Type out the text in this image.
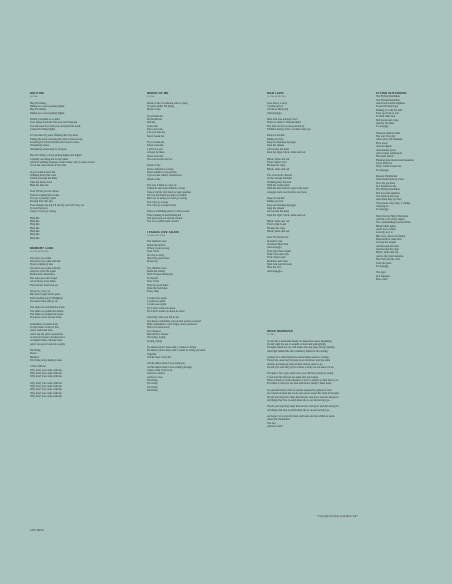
HELP ME
B. Gibb
Hey I'm riding,
Riding on a wave getting higher
Hey I'm riding,
Riding on a wave getting higher
Would you mind so so kind
Now please from the first you can't help me
I've tried and I've tried you can't push me aside
Cause I'm riding higher
Let me take my years flashing thro' my head
Taking me back, showing me what I done wrong
Learning for all the friends that I used to have
Wondering where
Wondering where they've all gone
Hey I'm riding a wave getting higher and higher
I quickly see thing fell on my mind
And I'm wishing someone would rather call or come on thro'
To let me clean inside all the time
If you could protect me
Walking down that road
Would you help me Baby
Take my heavy load
Help me help me
Now I'll tell you all I know
There's nothing left to hide
I've got a passing 5 girls
Passing thro' this sky
Even though one day I'll die my soul will carry on
To need her now
I hope I won't go wrong
Help Me
Help Me
Help Me
Help Me
Help Me
Help Me
Help Me
MEMORY LANE
R. Gibb & M. Gibb
Oh won't you come
Oh won't you come with me
Down a memory lane
Oh won't you come with me
And live your life again
Relive those memories
The ones you can't forget
All of those crazy times
That haven't been beat yet
We got to carry on
But don't forget what's gone
Kerb reading days in Brighton
You know they still go on
The times we watched the trains
The times we pulled the chains
The times we walked the street
You know we're all one brain
Sometimes I wander back
To the streets I used to live
And I stand and look
And I see my place around me
A what-for house a broken place
A broken home a bloody tears
And I can put it back into reality
I'm living
Down
Memory
I'm living down memory lane
Come with me
Why don't you come with me
Why don't you come with me
Why don't you come with me
Why don't you come with me
Why don't you come with me
Why don't you come with me
Why don't you come with me
Why don't you come with me
INSIDE OF ME
R. Gibb
Inside of me is someone who's crying
To learn whilst I'm dying
Inside of me
Tree inside me
Dil beside me
Pull me
Leave me
Oh so love me
Can you take me
Never break me
Try to come me
Never want me
I will love you
Always be there
Never need me
You can see me always
Inside of me
Don't conform to society
Don't submit to our poverty
I get so blue when I opened now
Inside of me
The way I think to carry on
I think its real don't think its wrong
I know its life, life lived so long together
I'll love for health not gain of wealth
But love of using you can't go wrong
You can't go wrong
You can't go wrong forever
There's something more to what we see
Than looking in and finding me
Our eyes look out and all around
Not to be selfish gain I found
I FAGNA LIVE AGAIN
R. Gibb & B. Gibb
The children' eyes
Inside the hollow
Where I went wrong
Now I find
So long so long
Since the good times
Passed by
The children cries
Made me realize
That I'd been telling lies
To myself
Now I find
That the good times
Were the bad times
Every time
I wanna live again
I wanna be again
I wanna see again
No I don't wanna be alone
No I don't wanna be alone no more
Ooh baby what you did to me
You know sometimes we touched ecstasy ecstasy?
Baby sometimes I can't forget, don't you know
Since I've been away
I've changed
But Oh how I know
I'm trying, trying
Trying, trying
No matter what I been said, I wanna be living
No matter what's been said I wanna be living out dead
Together
All the days of my life
All the times when I was using you
All the times when I was coming through
I knew what I had to do
And now I know
And now I see
I'm living
I'm living
I'm living
I'm living
MAD LADS
R. Gibb & M. Gibb
Now this is a story
I wanna tell ya
All about Mad Jack
And Arpeggo
Mad Jack was nobody's fool
Drove to bank 'n' Smooth mind
The lady but not so bad, partied by
Thinkin' money with a swollen wide-eye
Keep on truckin'
Riding on river
Keep on bleeding Arpeggo
Kept his wheels
An' he kept his head
Kept his cigar, black, white and red.
Black, white and red
There when I said
He kept his cigar
Black, white and red
The crowds all cheered
At the vintage machine
Thinking they the best
With his racing team
With his map and his cigar in his hand
Arpeggo back was the first one back.
Keep on truckin'
Riding on river
Keep on bleeding Arpeggo
Kept his wheels
An' he kept his head
Kept his cigar, black, white and red.
Black, white and red
That's what I said
He kept his cigar
Black, white and red
Now I'll tell the tale
In truth is true
All about Mad Jack
And Arpeggo
Four days three nights
Thru' back and taxis
Thru' desert sand
Boulders and rocks
Mad Jack and his team
Here the race
And Arpeggo...
FLYING DUTCHMAN
The Flying Dutchman
The Flying Dutchman
And Good Goblin sightless
Tossed all they'd got
Making it to the far side
They got back to win
To their final lack
Did breath and cargo
And for the final
To Arpeggo
Thirteen vehicles died
The very first day
And a poor old Drunken
Flew away
And an engine
And another good
And various quadrapods
Had their match
Blasting man-made metal monsters
It just didn't do
They couldn't learn last
To Arpeggo
Rosetta: Bombadier
Went backwards up a tree
Now his got there
In a moment to me
The Flying Dutchman
The boat and eightrest
Got stuck in the sand
And when they got free
"Pass those ways they' a village
Chaying on
To Arpeggo
Then' the bat Harry Hartsman
And the cold windy nights
The commanding iron machines
Blazed their lights
And I lost a wheel
Lost my way to
But every others had failed
Head And he came thru'
So kept his wheels
And he kept his head
And he kept his cigar
Black, white and red
And to my grand surprise
Had Jack and his crew
Took the prize
To Arpeggo
The tiger
In it happens
Plus a lion
ONCE REMOVED
R. Gibb
So my left a mountain stands, its been there since beginning
On my right the sea, it sounds so hard and unforgiving
Thought ahead for one will daunt, the one sings always getting
And right behind me lies a memory death for the oblong.
Journey in a still living here and nothing seems to change
Except the ones they're taken over and never stay the same
Always growing up and yet they always seem to go
Oh tell you who they grow at hear, I really do not know oh oh
I'm quite a few years older now, you still feel young as young
I even feel my life has not quite sure just begun
When I think of all the dreams I'd love to dream as time moves on
For times it waits for no man and there's plenty I must learn
So peaceful here to feel of certain suspend be glared of stars
As I stand and feel my Gods own power sweet life from all around
I'll tell you why how deep their horror, and grow and die and grow
All things that live on earth must die so on and on they go.
I'll tell you why they deep their horror, and grow and die and grow
All things that live on earth must die so on and on they go
As Sugar can cover my brain and brain and run within to learn
About the mountains
The Sea
And the world
*Copyright All Songs Lead Music Ltd*
LPO 3010
